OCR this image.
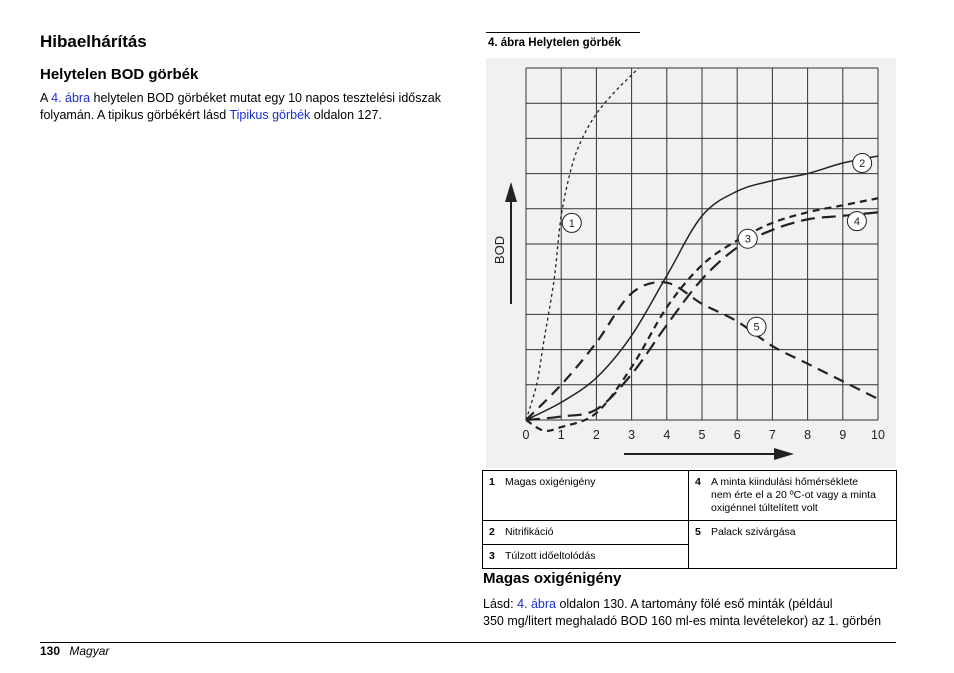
Hibaelhárítás
Helytelen BOD görbék
A 4. ábra helytelen BOD görbéket mutat egy 10 napos tesztelési időszak
folyamán. A tipikus görbékért lásd Tipikus görbék oldalon 127.
4. ábra Helytelen görbék
1
2
3
4
5
0 1 2 3 4 5 6 7 8 9 10
BOD
1 Magas oxigénigény	4 A minta kiindulási hőmérséklete
nem érte el a 20 ºC-ot vagy a minta
oxigénnel túltelített volt

2 Nitrifikáció	5 Palack szivárgása
3 Túlzott időeltolódás	
Magas oxigénigény
Lásd: 4. ábra oldalon 130. A tartomány fölé eső minták (például
350 mg/litert meghaladó BOD 160 ml-es minta levételekor) az 1. görbén
130 Magyar
